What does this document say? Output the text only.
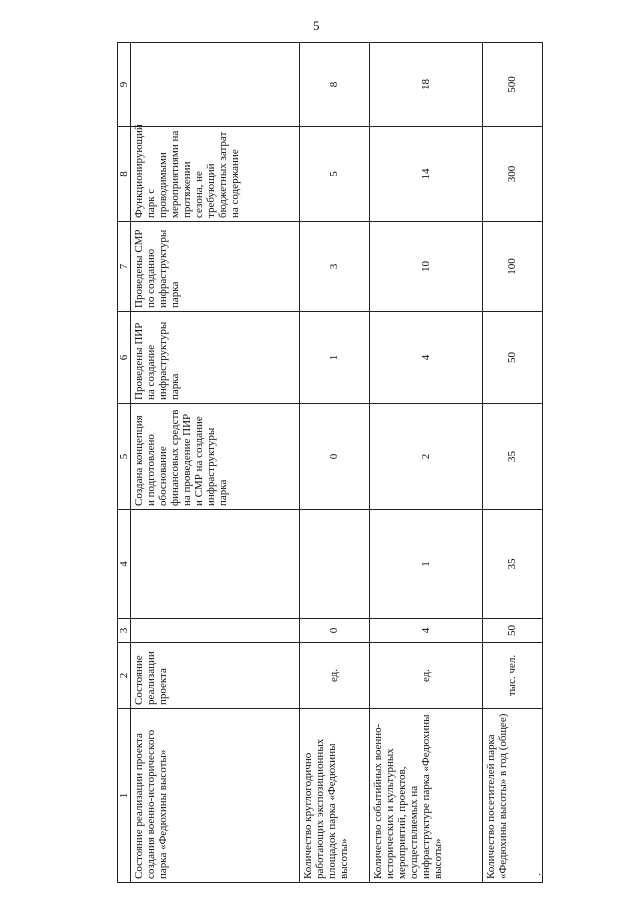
5
1	2	3	4	5	6	7	8	9
Состояние реализации проекта создания военно-исторического парка «Федюхины высоты»	Состояние реализации проекта			Создана концепция и подготовлено обоснование финансовых средств на проведение ПИР и СМР на создание инфраструктуры парка	Проведены ПИР на создание инфраструктуры парка	Проведены СМР по созданию инфраструктуры парка	Функционирующий парк с проводимыми мероприятиями на протяжении сезона, не требующий бюджетных затрат на содержание	
Количество круглогодично работающих экспозиционных площадок парка «Федюхины высоты»	ед.	0		0	1	3	5	8
Количество событийных военно-исторических и культурных мероприятий, проектов, осуществляемых на инфраструктуре парка «Федюхины высоты»	ед.	4	1	2	4	10	14	18
Количество посетителей парка «Федюхины высоты» в год (общее)	тыс. чел.	50	35	35	50	100	300	500
·
